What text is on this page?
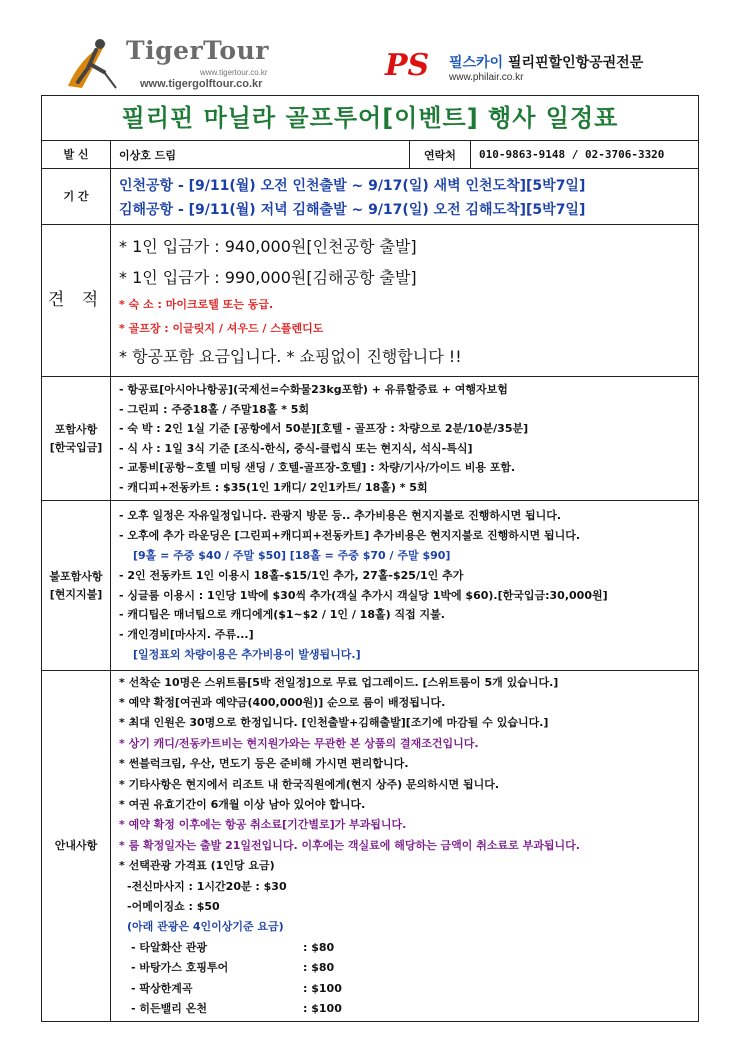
TigerTour
www.tigertour.co.kr
www.tigergolftour.co.kr
PS 필스카이 필리핀할인항공권전문
www.philair.co.kr
필리핀 마닐라 골프투어[이벤트] 행사 일정표
발 신	이상호 드림	연락처	010-9863-9148 / 02-3706-3320
기 간
인천공항 - [9/11(월) 오전 인천출발 ~ 9/17(일) 새벽 인천도착][5박7일]
김해공항 - [9/11(월) 저녁 김해출발 ~ 9/17(일) 오전 김해도착][5박7일]
견 적
* 1인 입금가 : 940,000원[인천공항 출발]
* 1인 입금가 : 990,000원[김해공항 출발]
* 숙 소 : 마이크로텔 또는 동급.
* 골프장 : 이글릿지 / 셔우드 / 스플렌디도
* 항공포함 요금입니다. * 쇼핑없이 진행합니다 !!
포함사항
[한국입금]
- 항공료[아시아나항공](국제선=수화물23kg포함) + 유류할증료 + 여행자보험
- 그린피 : 주중18홀 / 주말18홀 * 5회
- 숙 박 : 2인 1실 기준 [공항에서 50분][호텔 - 골프장 : 차량으로 2분/10분/35분]
- 식 사 : 1일 3식 기준 [조식-한식, 중식-클럽식 또는 현지식, 석식-특식]
- 교통비[공항~호텔 미팅 샌딩 / 호텔-골프장-호텔] : 차량/기사/가이드 비용 포함.
- 캐디피+전동카트 : $35(1인 1캐디/ 2인1카트/ 18홀) * 5회
불포함사항
[현지지불]
- 오후 일정은 자유일정입니다. 관광지 방문 등.. 추가비용은 현지지불로 진행하시면 됩니다.
- 오후에 추가 라운딩은 [그린피+캐디피+전동카트] 추가비용은 현지지불로 진행하시면 됩니다.
[9홀 = 주중 $40 / 주말 $50] [18홀 = 주중 $70 / 주말 $90]
- 2인 전동카트 1인 이용시 18홀-$15/1인 추가, 27홀-$25/1인 추가
- 싱글룸 이용시 : 1인당 1박에 $30씩 추가(객실 추가시 객실당 1박에 $60).[한국입금:30,000원]
- 캐디팁은 매너팁으로 캐디에게($1~$2 / 1인 / 18홀) 직접 지불.
- 개인경비[마사지. 주류...]
[일정표외 차량이용은 추가비용이 발생됩니다.]
안내사항
* 선착순 10명은 스위트룸[5박 전일정]으로 무료 업그레이드. [스위트룸이 5개 있습니다.]
* 예약 확정[여권과 예약금(400,000원)] 순으로 룸이 배정됩니다.
* 최대 인원은 30명으로 한정입니다. [인천출발+김해출발][조기에 마감될 수 있습니다.]
* 상기 캐디/전동카트비는 현지원가와는 무관한 본 상품의 결재조건입니다.
* 썬블럭크림, 우산, 면도기 등은 준비해 가시면 편리합니다.
* 기타사항은 현지에서 리조트 내 한국직원에게(현지 상주) 문의하시면 됩니다.
* 여권 유효기간이 6개월 이상 남아 있어야 합니다.
* 예약 확정 이후에는 항공 취소료[기간별로]가 부과됩니다.
* 룸 확정일자는 출발 21일전입니다. 이후에는 객실료에 해당하는 금액이 취소료로 부과됩니다.
* 선택관광 가격표 (1인당 요금)
-전신마사지 : 1시간20분 : $30
-어메이징쇼 : $50
(아래 관광은 4인이상기준 요금)
- 타알화산 관광	: $80
- 바탕가스 호핑투어	: $80
- 팍상한계곡	: $100
- 히든밸리 온천	: $100
